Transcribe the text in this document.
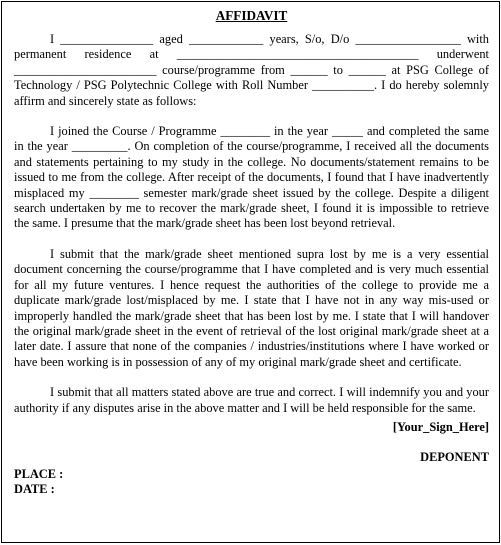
AFFIDAVIT

I _______________ aged ____________ years, S/o, D/o _________________ with permanent residence at _______________________________________ underwent _______________________ course/programme from ______ to ______ at PSG College of Technology / PSG Polytechnic College with Roll Number __________. I do hereby solemnly affirm and sincerely state as follows:

I joined the Course / Programme ________ in the year _____ and completed the same in the year _________. On completion of the course/programme, I received all the documents and statements pertaining to my study in the college. No documents/statement remains to be issued to me from the college. After receipt of the documents, I found that I have inadvertently misplaced my ________ semester mark/grade sheet issued by the college. Despite a diligent search undertaken by me to recover the mark/grade sheet, I found it is impossible to retrieve the same. I presume that the mark/grade sheet has been lost beyond retrieval.

I submit that the mark/grade sheet mentioned supra lost by me is a very essential document concerning the course/programme that I have completed and is very much essential for all my future ventures. I hence request the authorities of the college to provide me a duplicate mark/grade lost/misplaced by me. I state that I have not in any way mis-used or improperly handled the mark/grade sheet that has been lost by me. I state that I will handover the original mark/grade sheet in the event of retrieval of the lost original mark/grade sheet at a later date. I assure that none of the companies / industries/institutions where I have worked or have been working is in possession of any of my original mark/grade sheet and certificate.

I submit that all matters stated above are true and correct. I will indemnify you and your authority if any disputes arise in the above matter and I will be held responsible for the same.

[Your_Sign_Here]

DEPONENT

PLACE :

DATE :
